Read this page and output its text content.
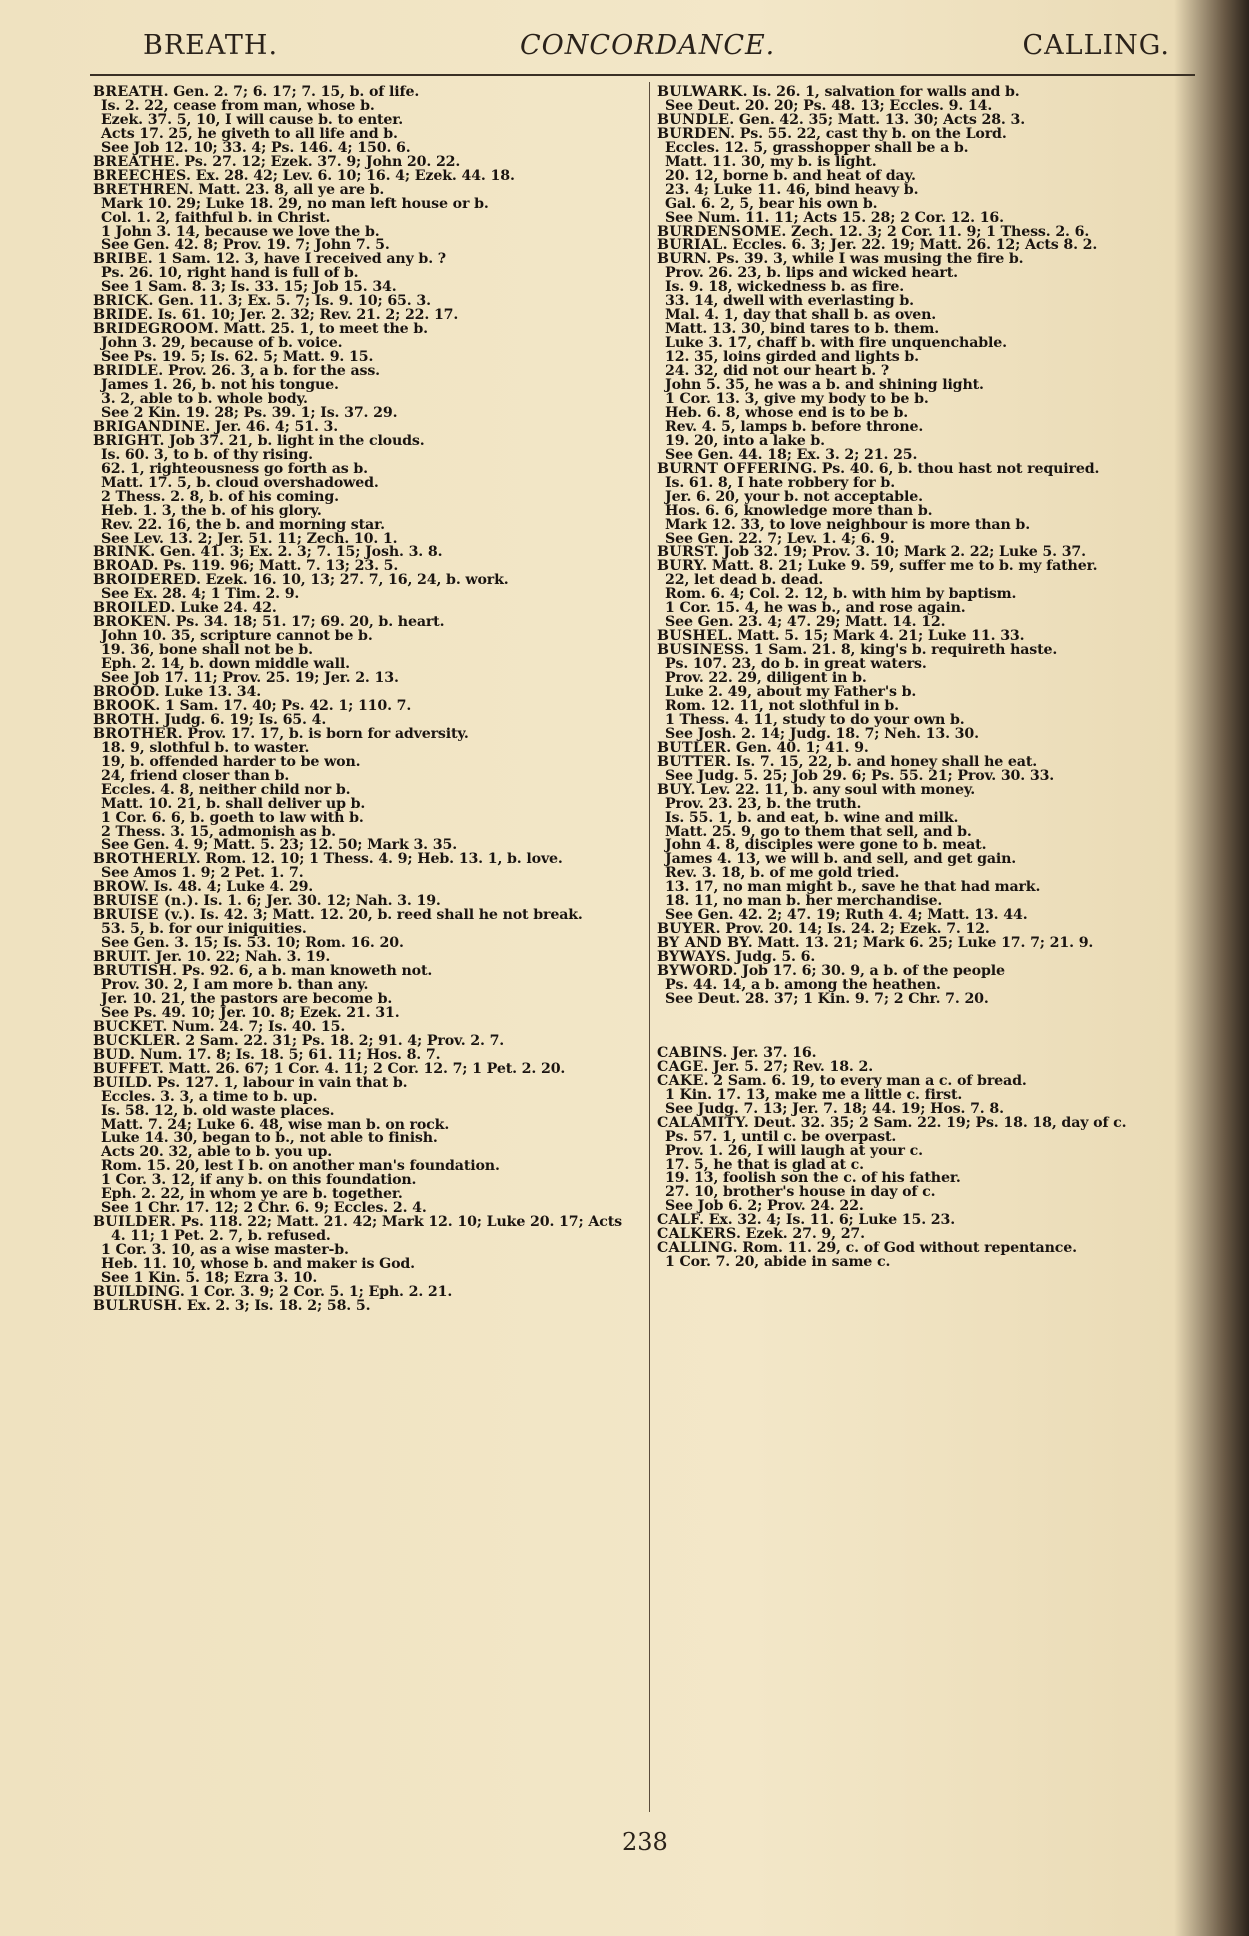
BREATH.	CONCORDANCE.	CALLING.
BREATH. Gen. 2. 7; 6. 17; 7. 15, b. of life.
Is. 2. 22, cease from man, whose b.
Ezek. 37. 5, 10, I will cause b. to enter.
Acts 17. 25, he giveth to all life and b.
See Job 12. 10; 33. 4; Ps. 146. 4; 150. 6.
BREATHE. Ps. 27. 12; Ezek. 37. 9; John 20. 22.
BREECHES. Ex. 28. 42; Lev. 6. 10; 16. 4; Ezek. 44. 18.
BRETHREN. Matt. 23. 8, all ye are b.
Mark 10. 29; Luke 18. 29, no man left house or b.
Col. 1. 2, faithful b. in Christ.
1 John 3. 14, because we love the b.
See Gen. 42. 8; Prov. 19. 7; John 7. 5.
BRIBE. 1 Sam. 12. 3, have I received any b. ?
Ps. 26. 10, right hand is full of b.
See 1 Sam. 8. 3; Is. 33. 15; Job 15. 34.
BRICK. Gen. 11. 3; Ex. 5. 7; Is. 9. 10; 65. 3.
BRIDE. Is. 61. 10; Jer. 2. 32; Rev. 21. 2; 22. 17.
BRIDEGROOM. Matt. 25. 1, to meet the b.
John 3. 29, because of b. voice.
See Ps. 19. 5; Is. 62. 5; Matt. 9. 15.
BRIDLE. Prov. 26. 3, a b. for the ass.
James 1. 26, b. not his tongue.
3. 2, able to b. whole body.
See 2 Kin. 19. 28; Ps. 39. 1; Is. 37. 29.
BRIGANDINE. Jer. 46. 4; 51. 3.
BRIGHT. Job 37. 21, b. light in the clouds.
Is. 60. 3, to b. of thy rising.
62. 1, righteousness go forth as b.
Matt. 17. 5, b. cloud overshadowed.
2 Thess. 2. 8, b. of his coming.
Heb. 1. 3, the b. of his glory.
Rev. 22. 16, the b. and morning star.
See Lev. 13. 2; Jer. 51. 11; Zech. 10. 1.
BRINK. Gen. 41. 3; Ex. 2. 3; 7. 15; Josh. 3. 8.
BROAD. Ps. 119. 96; Matt. 7. 13; 23. 5.
BROIDERED. Ezek. 16. 10, 13; 27. 7, 16, 24, b. work.
See Ex. 28. 4; 1 Tim. 2. 9.
BROILED. Luke 24. 42.
BROKEN. Ps. 34. 18; 51. 17; 69. 20, b. heart.
John 10. 35, scripture cannot be b.
19. 36, bone shall not be b.
Eph. 2. 14, b. down middle wall.
See Job 17. 11; Prov. 25. 19; Jer. 2. 13.
BROOD. Luke 13. 34.
BROOK. 1 Sam. 17. 40; Ps. 42. 1; 110. 7.
BROTH. Judg. 6. 19; Is. 65. 4.
BROTHER. Prov. 17. 17, b. is born for adversity.
18. 9, slothful b. to waster.
19, b. offended harder to be won.
24, friend closer than b.
Eccles. 4. 8, neither child nor b.
Matt. 10. 21, b. shall deliver up b.
1 Cor. 6. 6, b. goeth to law with b.
2 Thess. 3. 15, admonish as b.
See Gen. 4. 9; Matt. 5. 23; 12. 50; Mark 3. 35.
BROTHERLY. Rom. 12. 10; 1 Thess. 4. 9; Heb. 13. 1, b. love.
See Amos 1. 9; 2 Pet. 1. 7.
BROW. Is. 48. 4; Luke 4. 29.
BRUISE (n.). Is. 1. 6; Jer. 30. 12; Nah. 3. 19.
BRUISE (v.). Is. 42. 3; Matt. 12. 20, b. reed shall he not break.
53. 5, b. for our iniquities.
See Gen. 3. 15; Is. 53. 10; Rom. 16. 20.
BRUIT. Jer. 10. 22; Nah. 3. 19.
BRUTISH. Ps. 92. 6, a b. man knoweth not.
Prov. 30. 2, I am more b. than any.
Jer. 10. 21, the pastors are become b.
See Ps. 49. 10; Jer. 10. 8; Ezek. 21. 31.
BUCKET. Num. 24. 7; Is. 40. 15.
BUCKLER. 2 Sam. 22. 31; Ps. 18. 2; 91. 4; Prov. 2. 7.
BUD. Num. 17. 8; Is. 18. 5; 61. 11; Hos. 8. 7.
BUFFET. Matt. 26. 67; 1 Cor. 4. 11; 2 Cor. 12. 7; 1 Pet. 2. 20.
BUILD. Ps. 127. 1, labour in vain that b.
Eccles. 3. 3, a time to b. up.
Is. 58. 12, b. old waste places.
Matt. 7. 24; Luke 6. 48, wise man b. on rock.
Luke 14. 30, began to b., not able to finish.
Acts 20. 32, able to b. you up.
Rom. 15. 20, lest I b. on another man's foundation.
1 Cor. 3. 12, if any b. on this foundation.
Eph. 2. 22, in whom ye are b. together.
See 1 Chr. 17. 12; 2 Chr. 6. 9; Eccles. 2. 4.
BUILDER. Ps. 118. 22; Matt. 21. 42; Mark 12. 10; Luke 20. 17; Acts 4. 11; 1 Pet. 2. 7, b. refused.
1 Cor. 3. 10, as a wise master-b.
Heb. 11. 10, whose b. and maker is God.
See 1 Kin. 5. 18; Ezra 3. 10.
BUILDING. 1 Cor. 3. 9; 2 Cor. 5. 1; Eph. 2. 21.
BULRUSH. Ex. 2. 3; Is. 18. 2; 58. 5.
BULWARK. Is. 26. 1, salvation for walls and b.
See Deut. 20. 20; Ps. 48. 13; Eccles. 9. 14.
BUNDLE. Gen. 42. 35; Matt. 13. 30; Acts 28. 3.
BURDEN. Ps. 55. 22, cast thy b. on the Lord.
Eccles. 12. 5, grasshopper shall be a b.
Matt. 11. 30, my b. is light.
20. 12, borne b. and heat of day.
23. 4; Luke 11. 46, bind heavy b.
Gal. 6. 2, 5, bear his own b.
See Num. 11. 11; Acts 15. 28; 2 Cor. 12. 16.
BURDENSOME. Zech. 12. 3; 2 Cor. 11. 9; 1 Thess. 2. 6.
BURIAL. Eccles. 6. 3; Jer. 22. 19; Matt. 26. 12; Acts 8. 2.
BURN. Ps. 39. 3, while I was musing the fire b.
Prov. 26. 23, b. lips and wicked heart.
Is. 9. 18, wickedness b. as fire.
33. 14, dwell with everlasting b.
Mal. 4. 1, day that shall b. as oven.
Matt. 13. 30, bind tares to b. them.
Luke 3. 17, chaff b. with fire unquenchable.
12. 35, loins girded and lights b.
24. 32, did not our heart b. ?
John 5. 35, he was a b. and shining light.
1 Cor. 13. 3, give my body to be b.
Heb. 6. 8, whose end is to be b.
Rev. 4. 5, lamps b. before throne.
19. 20, into a lake b.
See Gen. 44. 18; Ex. 3. 2; 21. 25.
BURNT OFFERING. Ps. 40. 6, b. thou hast not required.
Is. 61. 8, I hate robbery for b.
Jer. 6. 20, your b. not acceptable.
Hos. 6. 6, knowledge more than b.
Mark 12. 33, to love neighbour is more than b.
See Gen. 22. 7; Lev. 1. 4; 6. 9.
BURST. Job 32. 19; Prov. 3. 10; Mark 2. 22; Luke 5. 37.
BURY. Matt. 8. 21; Luke 9. 59, suffer me to b. my father.
22, let dead b. dead.
Rom. 6. 4; Col. 2. 12, b. with him by baptism.
1 Cor. 15. 4, he was b., and rose again.
See Gen. 23. 4; 47. 29; Matt. 14. 12.
BUSHEL. Matt. 5. 15; Mark 4. 21; Luke 11. 33.
BUSINESS. 1 Sam. 21. 8, king's b. requireth haste.
Ps. 107. 23, do b. in great waters.
Prov. 22. 29, diligent in b.
Luke 2. 49, about my Father's b.
Rom. 12. 11, not slothful in b.
1 Thess. 4. 11, study to do your own b.
See Josh. 2. 14; Judg. 18. 7; Neh. 13. 30.
BUTLER. Gen. 40. 1; 41. 9.
BUTTER. Is. 7. 15, 22, b. and honey shall he eat.
See Judg. 5. 25; Job 29. 6; Ps. 55. 21; Prov. 30. 33.
BUY. Lev. 22. 11, b. any soul with money.
Prov. 23. 23, b. the truth.
Is. 55. 1, b. and eat, b. wine and milk.
Matt. 25. 9, go to them that sell, and b.
John 4. 8, disciples were gone to b. meat.
James 4. 13, we will b. and sell, and get gain.
Rev. 3. 18, b. of me gold tried.
13. 17, no man might b., save he that had mark.
18. 11, no man b. her merchandise.
See Gen. 42. 2; 47. 19; Ruth 4. 4; Matt. 13. 44.
BUYER. Prov. 20. 14; Is. 24. 2; Ezek. 7. 12.
BY AND BY. Matt. 13. 21; Mark 6. 25; Luke 17. 7; 21. 9.
BYWAYS. Judg. 5. 6.
BYWORD. Job 17. 6; 30. 9, a b. of the people
Ps. 44. 14, a b. among the heathen.
See Deut. 28. 37; 1 Kin. 9. 7; 2 Chr. 7. 20.
CABINS. Jer. 37. 16.
CAGE. Jer. 5. 27; Rev. 18. 2.
CAKE. 2 Sam. 6. 19, to every man a c. of bread.
1 Kin. 17. 13, make me a little c. first.
See Judg. 7. 13; Jer. 7. 18; 44. 19; Hos. 7. 8.
CALAMITY. Deut. 32. 35; 2 Sam. 22. 19; Ps. 18. 18, day of c.
Ps. 57. 1, until c. be overpast.
Prov. 1. 26, I will laugh at your c.
17. 5, he that is glad at c.
19. 13, foolish son the c. of his father.
27. 10, brother's house in day of c.
See Job 6. 2; Prov. 24. 22.
CALF. Ex. 32. 4; Is. 11. 6; Luke 15. 23.
CALKERS. Ezek. 27. 9, 27.
CALLING. Rom. 11. 29, c. of God without repentance.
1 Cor. 7. 20, abide in same c.
238
